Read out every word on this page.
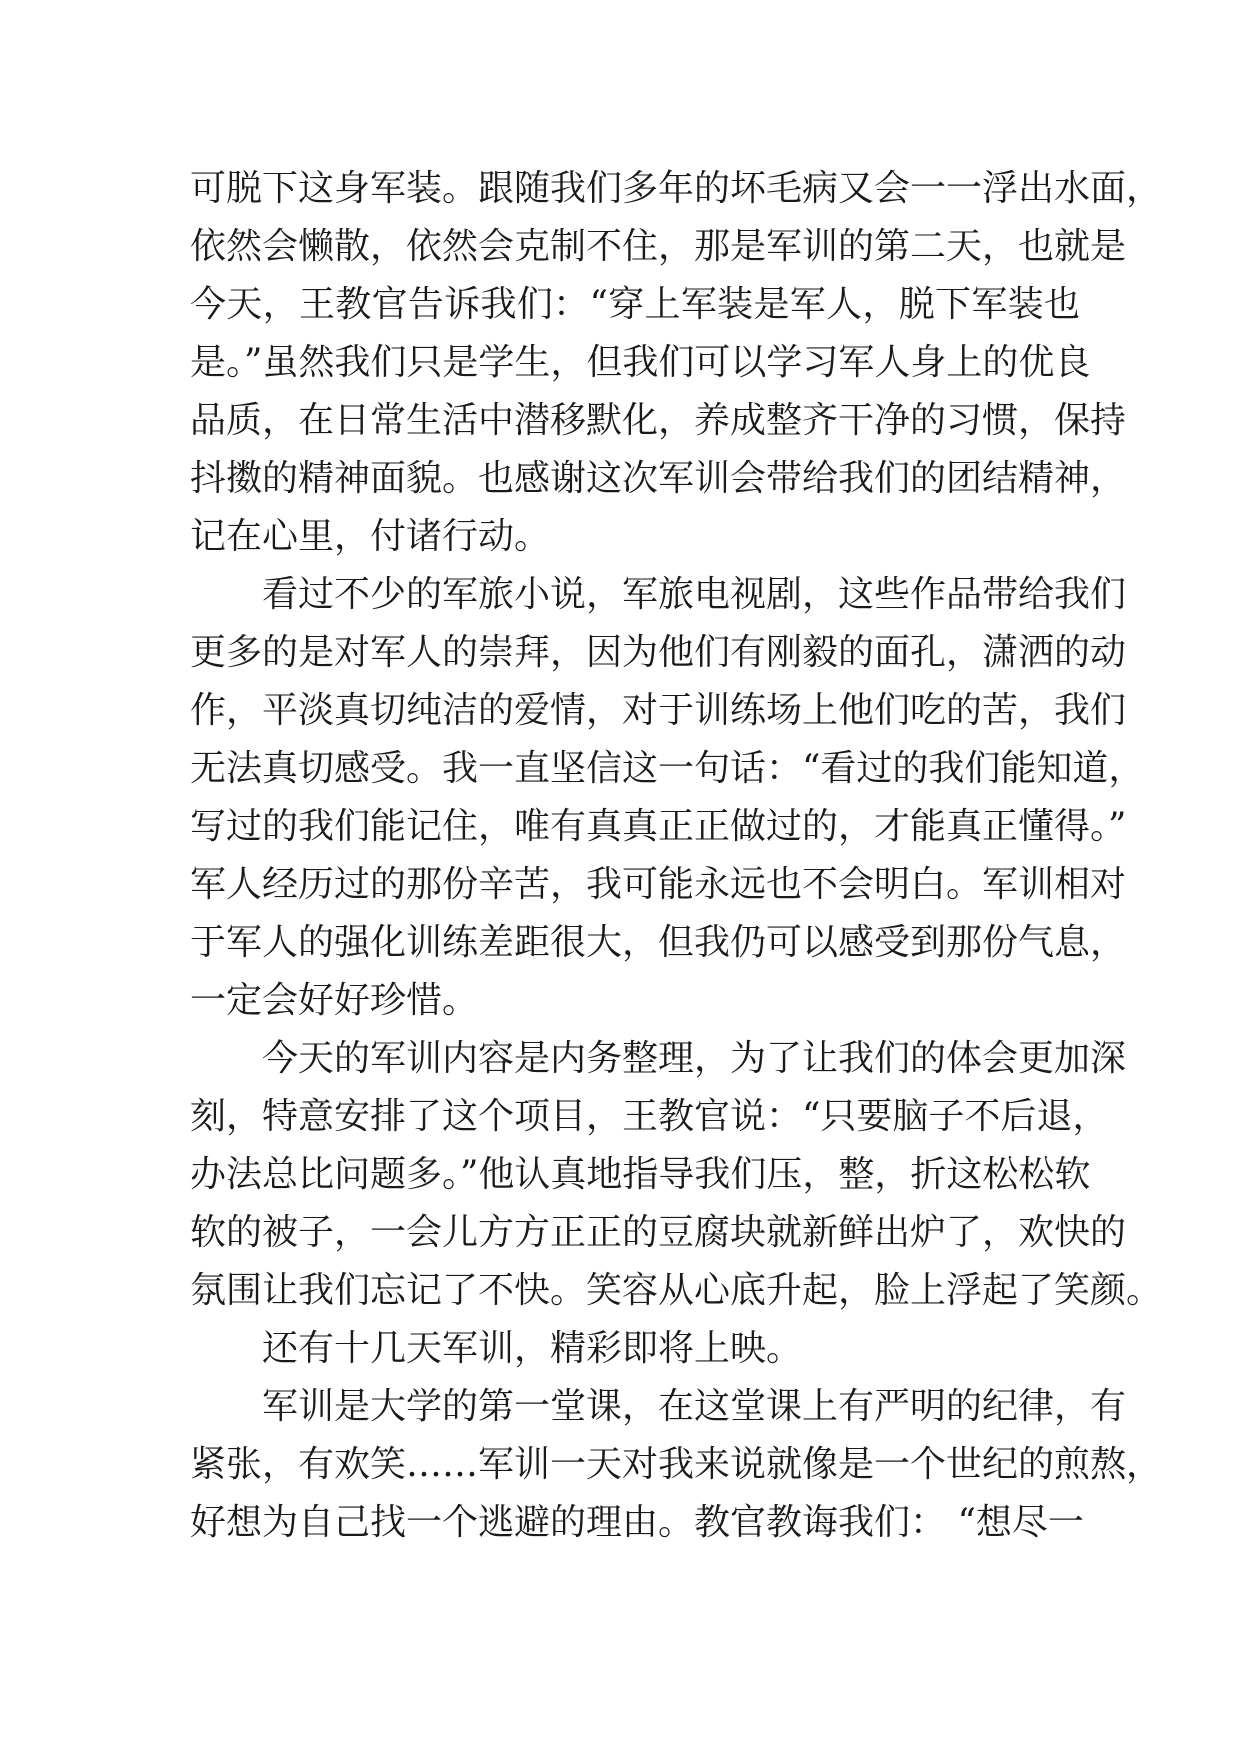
可脱下这身军装。跟随我们多年的坏毛病又会一一浮出水面，
依然会懒散，依然会克制不住，那是军训的第二天，也就是
今天，王教官告诉我们：“穿上军装是军人，脱下军装也
是。”虽然我们只是学生，但我们可以学习军人身上的优良
品质，在日常生活中潜移默化，养成整齐干净的习惯，保持
抖擞的精神面貌。也感谢这次军训会带给我们的团结精神，
记在心里，付诸行动。
看过不少的军旅小说，军旅电视剧，这些作品带给我们
更多的是对军人的崇拜，因为他们有刚毅的面孔，潇洒的动
作，平淡真切纯洁的爱情，对于训练场上他们吃的苦，我们
无法真切感受。我一直坚信这一句话：“看过的我们能知道，
写过的我们能记住，唯有真真正正做过的，才能真正懂得。”
军人经历过的那份辛苦，我可能永远也不会明白。军训相对
于军人的强化训练差距很大，但我仍可以感受到那份气息，
一定会好好珍惜。
今天的军训内容是内务整理，为了让我们的体会更加深
刻，特意安排了这个项目，王教官说：“只要脑子不后退，
办法总比问题多。”他认真地指导我们压，整，折这松松软
软的被子，一会儿方方正正的豆腐块就新鲜出炉了，欢快的
氛围让我们忘记了不快。笑容从心底升起，脸上浮起了笑颜。
还有十几天军训，精彩即将上映。
军训是大学的第一堂课，在这堂课上有严明的纪律，有
紧张，有欢笑……军训一天对我来说就像是一个世纪的煎熬，
好想为自己找一个逃避的理由。教官教诲我们： “想尽一
